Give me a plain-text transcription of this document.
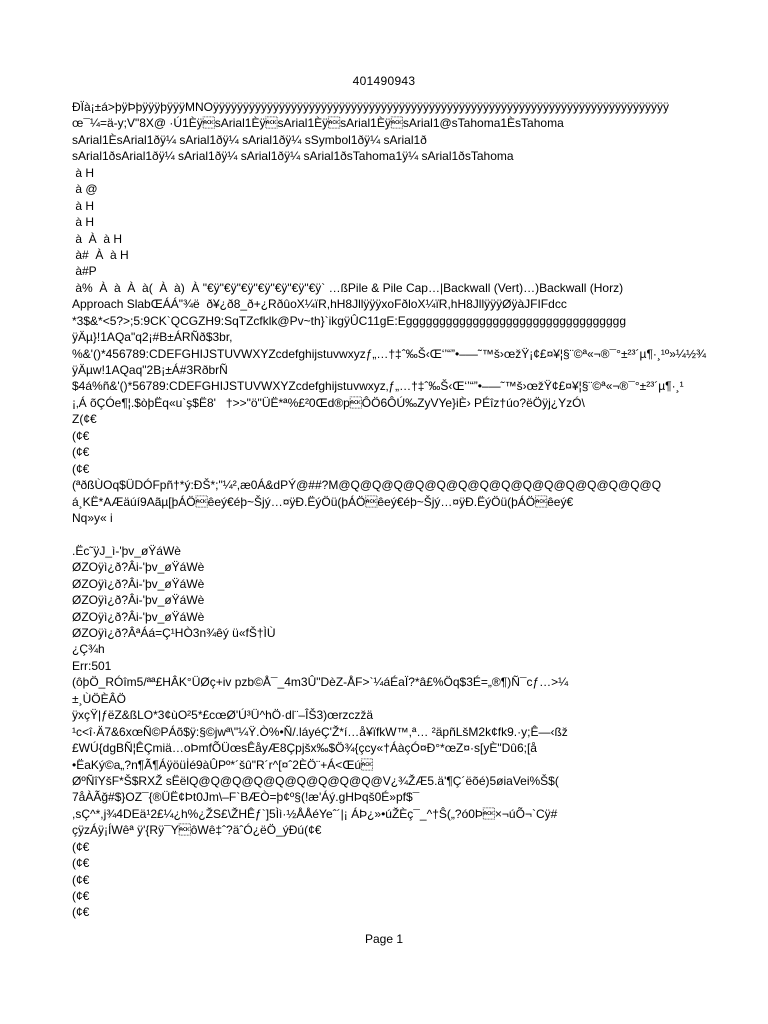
401490943
ÐÏà¡±á>þÿÞþÿÿÿþÿÿÿMNOÿÿÿÿÿÿÿÿÿÿÿÿÿÿÿÿÿÿÿÿÿÿÿÿÿÿÿÿÿÿÿÿÿÿÿÿÿÿÿÿÿÿÿÿÿÿÿÿÿÿÿÿÿÿÿÿÿÿÿÿÿÿÿÿÿÿÿÿÿÿÿÿÿÿÿÿ
œ¯¼=ä-y;V"8X@ ·Ú1ÈÿsArial1ÈÿsArial1ÈÿsArial1ÈÿsArial1@sTahoma1ÈsTahoma
sArial1ÈsArial1ðÿ¼ sArial1ðÿ¼ sArial1ðÿ¼ sSymbol1ðÿ¼ sArial1ð
sArial1ðsArial1ðÿ¼ sArial1ðÿ¼ sArial1ðÿ¼ sArial1ðsTahoma1ÿ¼ sArial1ðsTahoma
à H
à @
à H
à H
à  À  à H
à#  À  à H
à#P
à%  À  à  À  à(  À  à)  À "€ÿ"€ÿ"€ÿ"€ÿ"€ÿ"€ÿ"€ÿ` …ßPile & Pile Cap…|Backwall (Vert)…)Backwall (Horz)
Approach SlabŒÁÁ"¾ë  ð¥¿ð8_ð+¿RðûoX¼ïR,hH8JllÿÿÿxoFðloX¼ïR,hH8JllÿÿÿØÿàJFIFdcc
*3$&*<5?>;5:9CK`QCGZH9:SqTZcfklk@Pv~th}`ikgÿÛC11gE:Eggggggggggggggggggggggggggggggggg
ÿÄµ}!1AQa"q2¡#B±ÁRÑð$3br,
%&'()*456789:CDEFGHIJSTUVWXYZcdefghijstuvwxyzƒ„…†‡ˆ‰Š‹Œ‘’“”•–—˜™š›œžŸ¡¢£¤¥¦§¨©ª«¬®¯°±²³´µ¶·¸¹º»¼½¾
ÿÄµw!1AQaq"2B¡±Á#3RðbrÑ
$4á%ñ&'()*56789:CDEFGHIJSTUVWXYZcdefghijstuvwxyz‚ƒ„…†‡ˆ‰Š‹Œ‘’“”•–—˜™š›œžŸ¢£¤¥¦§¨©ª«¬®¯°±²³´µ¶·¸¹
¡‚Á õÇÓe¶¦.$òþËq«u`ş$Ë8'   †>>"ö"ÜË*ª%£²0Œd®pÔÖ6ÔÚ‰ZyVYe}iÈ› PÉîz†úo?ëÖÿj¿YzÓ\
Z(¢€
(¢€
(¢€
(¢€
(ªðßÙOq$ÜDÓFpñ†*ý:ÐŠ*;"¼²,æ0Á&dPÝ@##?M@Q@Q@Q@Q@Q@Q@Q@Q@Q@Q@Q@Q@Q@Q@Q
á¸KË*AÆäúí9Aãµ[þÁÖêeý€éþ~Šjý…¤ÿÐ.ËýÖü(þÁÖêeý€éþ~Šjý…¤ÿÐ.ËýÖü(þÁÖêeý€
Nq»y« i
.Ëc˜ÿJ_ì-'þv_øŸáWè
ØZOÿì¿ð?Âi-'þv_øŸáWè
ØZOÿì¿ð?Âi-'þv_øŸáWè
ØZOÿì¿ð?Âi-'þv_øŸáWè
ØZOÿì¿ð?Âi-'þv_øŸáWè
ØZOÿì¿ð?ÂªÁá=Ç¹HÒ3n¾êý ü«fŠ†ÌÙ
¿Ç¾h
Err:501
(ôþÖ_RÓîm5/ªª£HÂK°ÜØç+iv pzb©Å¯_4m3Û"DèZ-ÅF>`¼áÉaÏ?*â£%Öq$3É=„®¶)Ñ¯cƒ…>¼
±¸ÙÖÈÂÖ
ÿxçŸ|ƒëZ&ßLO*3¢ùO²5*£cœØ'Ú³Ü^hÖ·dl¨–ÎŠ3)œrzczžä
¹c<î·Ä7&6xœÑ©PÁõ$ÿ:§©jwª\"¼Ÿ.Ò%•Ñ/.láyéÇ'Ž*í…å¥ïfkW™,ª… ²äpñLšM2k¢fk9.·y;Ê—‹ßž
£WÚ{dgBÑ¦ÊÇmiä…oÞmfÕÜœsÊåyÆ8Çpjšx‰$Ö¾{çcy«†ÁàçÓ¤Ð°*œZ¤·s[yÈ"Dû6;[å
•ËaKý©a„?n¶Ã¶Áÿöüİé9àÛPº*´šû"R´r^[¤ˆ2ÈÖ¨+Á<Œú
ØºÑîYšF*Š$RXŽ sËëlQ@Q@Q@Q@Q@Q@Q@Q@Q@V¿¾ŽÆ5.ä'¶Ç´ëõé)5øiaVei%Š$(
7åÀÃğ#$}OZ¯{®ÜË¢Þt0Jm\–F`BÆÒ=þ¢º§(!æ'Áý.gHÞqš0É»pf$¯
,sÇ^*,j¾4DEä¹2£¼¿h%¿ŽS£\ŽHÊƒ`]5Ìì·½ÅÅéYeˆ´|¡ ÁÞ¿»•úŽÈç¯_^†Ŝ(„?ó0Þ×¬úÕ¬`Cÿ#
çÿzÁÿ¡ÍWêª ÿ'{Rÿ¯YôWê‡ˆ?äˆÓ¿ëÖ_ýÐú(¢€
(¢€
(¢€
(¢€
(¢€
(¢€
Page 1
